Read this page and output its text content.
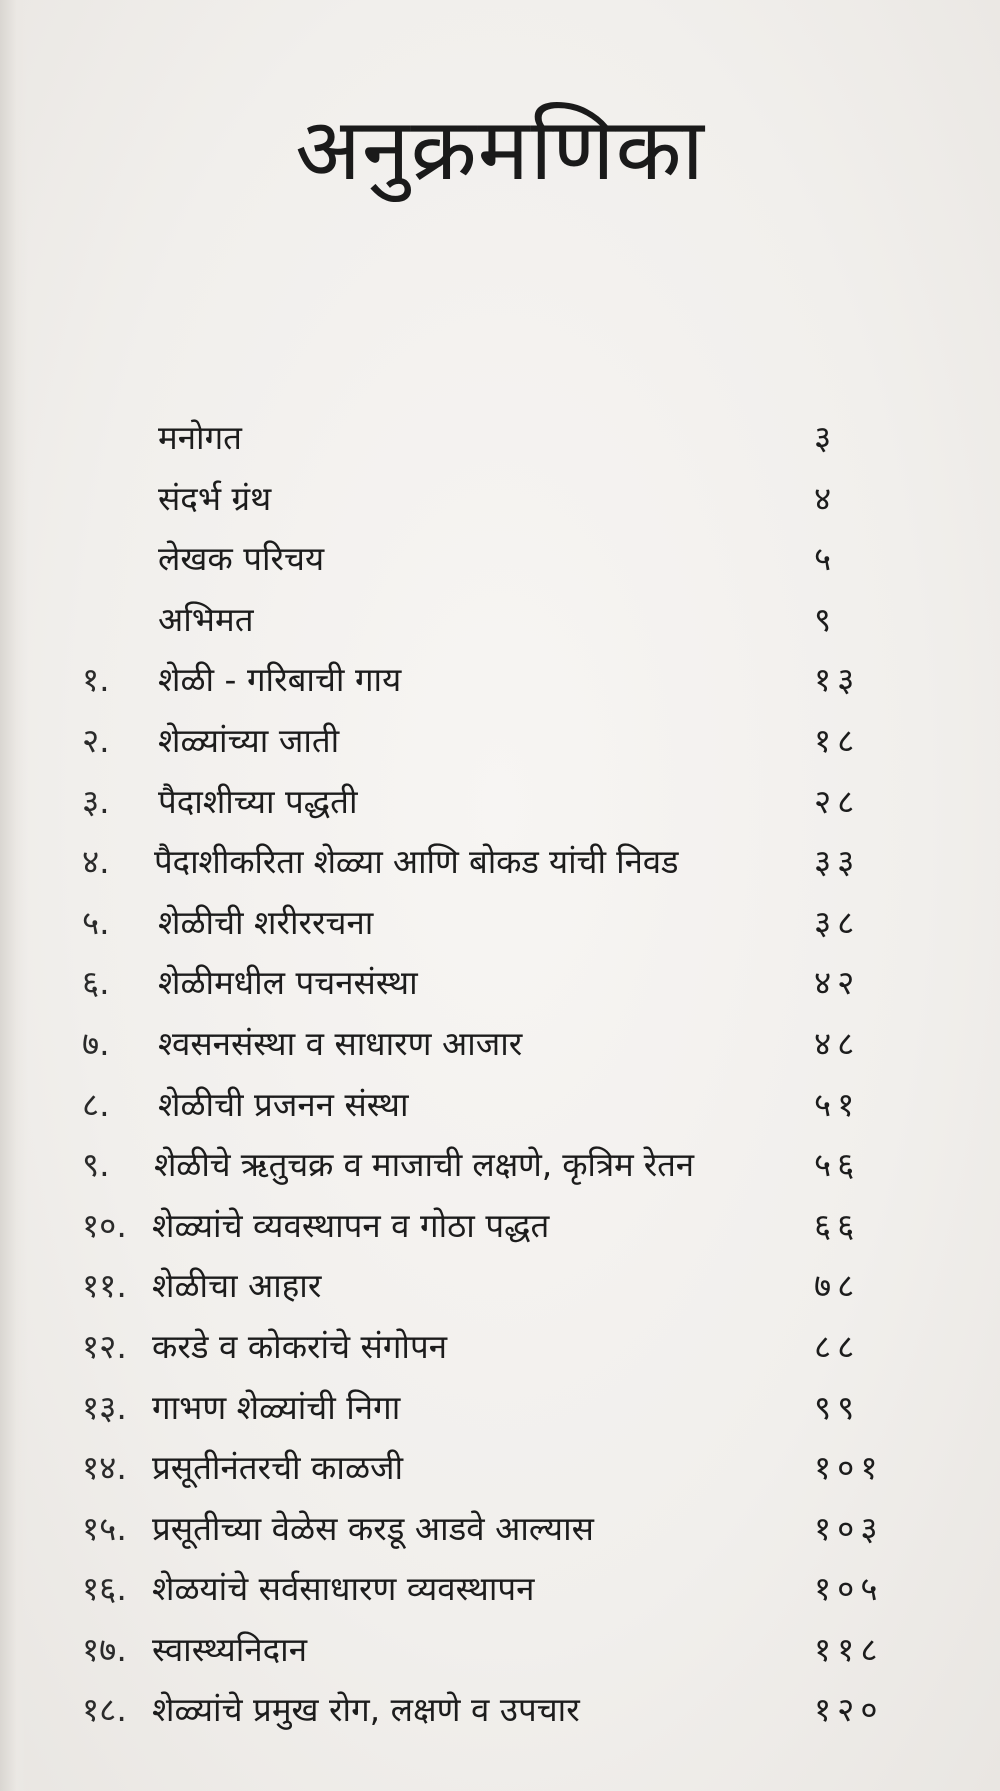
अनुक्रमणिका
मनोगत	३
संदर्भ ग्रंथ	४
लेखक परिचय	५
अभिमत	९
१.	शेळी - गरिबाची गाय	१३
२.	शेळ्यांच्या जाती	१८
३.	पैदाशीच्या पद्धती	२८
४.	पैदाशीकरिता शेळ्या आणि बोकड यांची निवड	३३
५.	शेळीची शरीररचना	३८
६.	शेळीमधील पचनसंस्था	४२
७.	श्वसनसंस्था व साधारण आजार	४८
८.	शेळीची प्रजनन संस्था	५१
९.	शेळीचे ऋतुचक्र व माजाची लक्षणे, कृत्रिम रेतन	५६
१०. शेळ्यांचे व्यवस्थापन व गोठा पद्धत	६६
११. शेळीचा आहार	७८
१२. करडे व कोकरांचे संगोपन	८८
१३. गाभण शेळ्यांची निगा	९९
१४. प्रसूतीनंतरची काळजी	१०१
१५. प्रसूतीच्या वेळेस करडू आडवे आल्यास	१०३
१६. शेळयांचे सर्वसाधारण व्यवस्थापन	१०५
१७. स्वास्थ्यनिदान	११८
१८. शेळ्यांचे प्रमुख रोग, लक्षणे व उपचार	१२०
